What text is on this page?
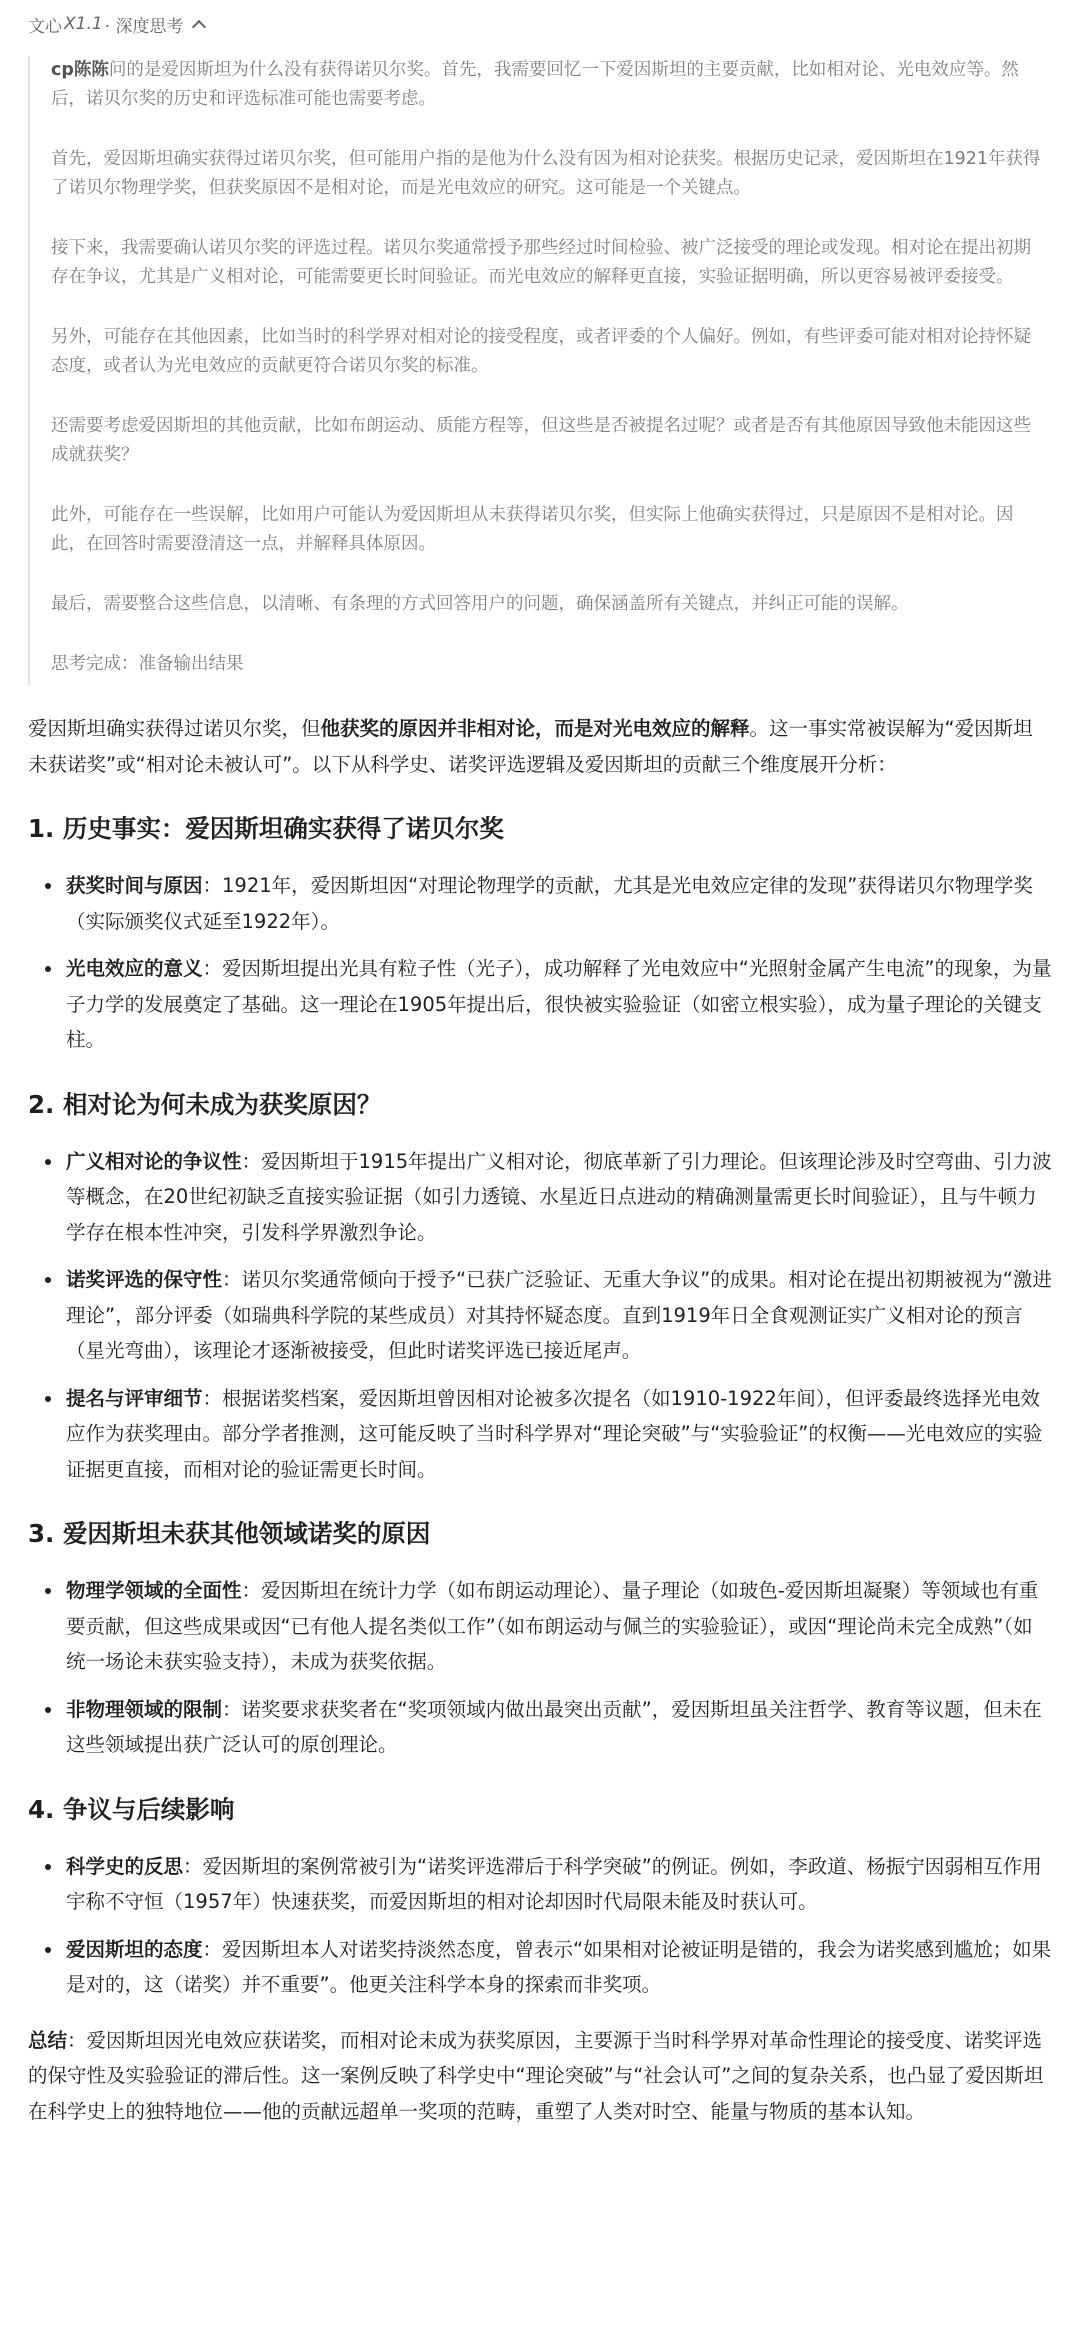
文心 X1.1 · 深度思考

cp陈陈问的是爱因斯坦为什么没有获得诺贝尔奖。首先，我需要回忆一下爱因斯坦的主要贡献，比如相对论、光电效应等。然后，诺贝尔奖的历史和评选标准可能也需要考虑。

首先，爱因斯坦确实获得过诺贝尔奖，但可能用户指的是他为什么没有因为相对论获奖。根据历史记录，爱因斯坦在1921年获得了诺贝尔物理学奖，但获奖原因不是相对论，而是光电效应的研究。这可能是一个关键点。

接下来，我需要确认诺贝尔奖的评选过程。诺贝尔奖通常授予那些经过时间检验、被广泛接受的理论或发现。相对论在提出初期存在争议，尤其是广义相对论，可能需要更长时间验证。而光电效应的解释更直接，实验证据明确，所以更容易被评委接受。

另外，可能存在其他因素，比如当时的科学界对相对论的接受程度，或者评委的个人偏好。例如，有些评委可能对相对论持怀疑态度，或者认为光电效应的贡献更符合诺贝尔奖的标准。

还需要考虑爱因斯坦的其他贡献，比如布朗运动、质能方程等，但这些是否被提名过呢？或者是否有其他原因导致他未能因这些成就获奖？

此外，可能存在一些误解，比如用户可能认为爱因斯坦从未获得诺贝尔奖，但实际上他确实获得过，只是原因不是相对论。因此，在回答时需要澄清这一点，并解释具体原因。

最后，需要整合这些信息，以清晰、有条理的方式回答用户的问题，确保涵盖所有关键点，并纠正可能的误解。

思考完成：准备输出结果

爱因斯坦确实获得过诺贝尔奖，但他获奖的原因并非相对论，而是对光电效应的解释。这一事实常被误解为“爱因斯坦未获诺奖”或“相对论未被认可”。以下从科学史、诺奖评选逻辑及爱因斯坦的贡献三个维度展开分析：

1. 历史事实：爱因斯坦确实获得了诺贝尔奖
获奖时间与原因：1921年，爱因斯坦因“对理论物理学的贡献，尤其是光电效应定律的发现”获得诺贝尔物理学奖（实际颁奖仪式延至1922年）。
光电效应的意义：爱因斯坦提出光具有粒子性（光子），成功解释了光电效应中“光照射金属产生电流”的现象，为量子力学的发展奠定了基础。这一理论在1905年提出后，很快被实验验证（如密立根实验），成为量子理论的关键支柱。
2. 相对论为何未成为获奖原因？
广义相对论的争议性：爱因斯坦于1915年提出广义相对论，彻底革新了引力理论。但该理论涉及时空弯曲、引力波等概念，在20世纪初缺乏直接实验证据（如引力透镜、水星近日点进动的精确测量需更长时间验证），且与牛顿力学存在根本性冲突，引发科学界激烈争论。
诺奖评选的保守性：诺贝尔奖通常倾向于授予“已获广泛验证、无重大争议”的成果。相对论在提出初期被视为“激进理论”，部分评委（如瑞典科学院的某些成员）对其持怀疑态度。直到1919年日全食观测证实广义相对论的预言（星光弯曲），该理论才逐渐被接受，但此时诺奖评选已接近尾声。
提名与评审细节：根据诺奖档案，爱因斯坦曾因相对论被多次提名（如1910-1922年间），但评委最终选择光电效应作为获奖理由。部分学者推测，这可能反映了当时科学界对“理论突破”与“实验验证”的权衡——光电效应的实验证据更直接，而相对论的验证需更长时间。
3. 爱因斯坦未获其他领域诺奖的原因
物理学领域的全面性：爱因斯坦在统计力学（如布朗运动理论）、量子理论（如玻色-爱因斯坦凝聚）等领域也有重要贡献，但这些成果或因“已有他人提名类似工作”（如布朗运动与佩兰的实验验证），或因“理论尚未完全成熟”（如统一场论未获实验支持），未成为获奖依据。
非物理领域的限制：诺奖要求获奖者在“奖项领域内做出最突出贡献”，爱因斯坦虽关注哲学、教育等议题，但未在这些领域提出获广泛认可的原创理论。
4. 争议与后续影响
科学史的反思：爱因斯坦的案例常被引为“诺奖评选滞后于科学突破”的例证。例如，李政道、杨振宁因弱相互作用宇称不守恒（1957年）快速获奖，而爱因斯坦的相对论却因时代局限未能及时获认可。
爱因斯坦的态度：爱因斯坦本人对诺奖持淡然态度，曾表示“如果相对论被证明是错的，我会为诺奖感到尴尬；如果是对的，这（诺奖）并不重要”。他更关注科学本身的探索而非奖项。

总结：爱因斯坦因光电效应获诺奖，而相对论未成为获奖原因，主要源于当时科学界对革命性理论的接受度、诺奖评选的保守性及实验验证的滞后性。这一案例反映了科学史中“理论突破”与“社会认可”之间的复杂关系，也凸显了爱因斯坦在科学史上的独特地位——他的贡献远超单一奖项的范畴，重塑了人类对时空、能量与物质的基本认知。
